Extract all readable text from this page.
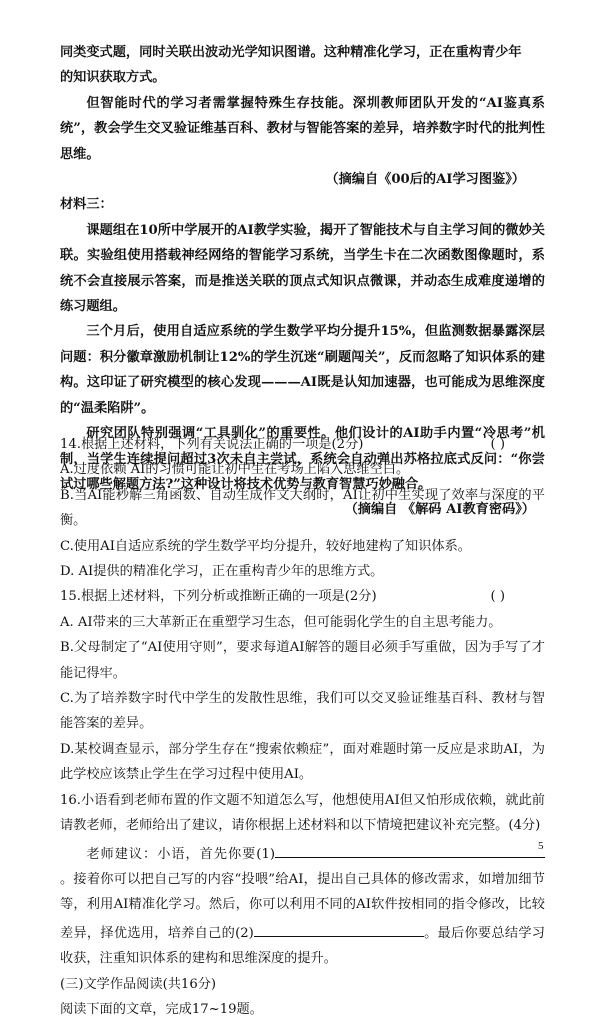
同类变式题，同时关联出波动光学知识图谱。这种精准化学习，正在重构青少年

的知识获取方式。

但智能时代的学习者需掌握特殊生存技能。深圳教师团队开发的“AI鉴真系统”，教会学生交叉验证维基百科、教材与智能答案的差异，培养数字时代的批判性思维。

（摘编自《00后的AI学习图鉴》）

材料三：

课题组在10所中学展开的AI教学实验，揭开了智能技术与自主学习间的微妙关联。实验组使用搭载神经网络的智能学习系统，当学生卡在二次函数图像题时，系统不会直接展示答案，而是推送关联的顶点式知识点微课，并动态生成难度递增的练习题组。

三个月后，使用自适应系统的学生数学平均分提升15%，但监测数据暴露深层问题：积分徽章激励机制让12%的学生沉迷“刷题闯关”，反而忽略了知识体系的建构。这印证了研究模型的核心发现———AI既是认知加速器，也可能成为思维深度的“温柔陷阱”。

研究团队特别强调“工具驯化”的重要性。他们设计的AI助手内置“冷思考”机制，当学生连续提问超过3次未自主尝试，系统会自动弹出苏格拉底式反问：“你尝试过哪些解题方法?”这种设计将技术优势与教育智慧巧妙融合。

（摘编自 《解码 AI教育密码》）

14.根据上述材料，下列有关说法正确的一项是(2分)	( )

A.过度依赖 AI的习惯可能让初中生在考场上陷入思维空白。

B.当AI能秒解三角函数、自动生成作文大纲时，AI让初中生实现了效率与深度的平衡。

C.使用AI自适应系统的学生数学平均分提升，较好地建构了知识体系。

D. AI提供的精准化学习，正在重构青少年的思维方式。

15.根据上述材料，下列分析或推断正确的一项是(2分)	( )

A. AI带来的三大革新正在重塑学习生态，但可能弱化学生的自主思考能力。

B.父母制定了“AI使用守则”，要求每道AI解答的题目必须手写重做，因为手写了才能记得牢。

C.为了培养数字时代中学生的发散性思维，我们可以交叉验证维基百科、教材与智能答案的差异。

D.某校调查显示，部分学生存在“搜索依赖症”，面对难题时第一反应是求助AI，为此学校应该禁止学生在学习过程中使用AI。

16.小语看到老师布置的作文题不知道怎么写，他想使用AI但又怕形成依赖，就此前请教老师，老师给出了建议，请你根据上述材料和以下情境把建议补充完整。(4分)

老师建议：小语，首先你要(1)。接着你可以把自己写的内容“投喂”给AI，提出自己具体的修改需求，如增加细节等，利用AI精准化学习。然后，你可以利用不同的AI软件按相同的指令修改，比较差异，择优选用，培养自己的(2)	。最后你要总结学习收获，注重知识体系的建构和思维深度的提升。

(三)文学作品阅读(共16分)

阅读下面的文章，完成17~19题。

5
